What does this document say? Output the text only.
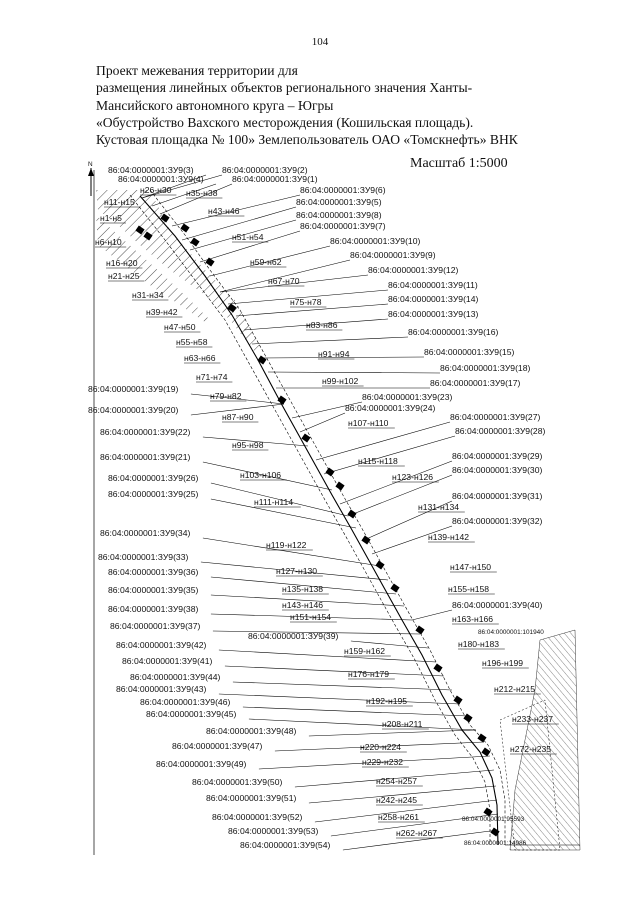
104
Проект межевания территории для
размещения линейных объектов регионального значения Ханты-
Мансийского автономного круга – Югры
«Обустройство Вахского месторождения (Кошильская площадь).
Кустовая площадка № 100» Землепользователь ОАО «Томскнефть» ВНК
Масштаб 1:5000
N
86:04:0000001:ЗУ9(3)	86:04:0000001:ЗУ9(2)
86:04:0000001:ЗУ9(4)	86:04:0000001:ЗУ9(1)
86:04:0000001:ЗУ9(6)
86:04:0000001:ЗУ9(5)
86:04:0000001:ЗУ9(8)
86:04:0000001:ЗУ9(7)
86:04:0000001:ЗУ9(10)
86:04:0000001:ЗУ9(9)
86:04:0000001:ЗУ9(12)
86:04:0000001:ЗУ9(11)
86:04:0000001:ЗУ9(14)
86:04:0000001:ЗУ9(13)
86:04:0000001:ЗУ9(16)
86:04:0000001:ЗУ9(15)
86:04:0000001:ЗУ9(18)
86:04:0000001:ЗУ9(17)
86:04:0000001:ЗУ9(19)
86:04:0000001:ЗУ9(20)
86:04:0000001:ЗУ9(23)
86:04:0000001:ЗУ9(24)
86:04:0000001:ЗУ9(22)
86:04:0000001:ЗУ9(27)
86:04:0000001:ЗУ9(28)
86:04:0000001:ЗУ9(21)	86:04:0000001:ЗУ9(29)
86:04:0000001:ЗУ9(26)
86:04:0000001:ЗУ9(30)
86:04:0000001:ЗУ9(25)	86:04:0000001:ЗУ9(31)
86:04:0000001:ЗУ9(32)
86:04:0000001:ЗУ9(34)
86:04:0000001:ЗУ9(33)
86:04:0000001:ЗУ9(36)
86:04:0000001:ЗУ9(35)
86:04:0000001:ЗУ9(40)
86:04:0000001:ЗУ9(38)
86:04:0000001:ЗУ9(37)
86:04:0000001:ЗУ9(39)
86:04:0000001:ЗУ9(42)
86:04:0000001:ЗУ9(41)
86:04:0000001:ЗУ9(44)
86:04:0000001:ЗУ9(43)
86:04:0000001:ЗУ9(46)
86:04:0000001:ЗУ9(45)
86:04:0000001:ЗУ9(48)
86:04:0000001:ЗУ9(47)
86:04:0000001:ЗУ9(49)
86:04:0000001:ЗУ9(50)
86:04:0000001:ЗУ9(51)
86:04:0000001:ЗУ9(52)
86:04:0000001:ЗУ9(53)
86:04:0000001:ЗУ9(54)
н26-н30
н11-н15
н35-н38
н1-н5
н43-н46
н6-н10	н51-н54
н16-н20
н21-н25
н59-н62
н67-н70
н31-н34
н75-н78
н39-н42
н47-н50	н83-н86
н55-н58
н63-н66	н91-н94
н71-н74	н99-н102
н79-н82
н87-н90
н107-н110
н95-н98
н115-н118
н103-н106	н123-н126
н111-н114	н131-н134
н119-н122
н139-н142
н147-н150
н127-н130
н155-н158
н135-н138
н143-н146
н163-н166
н151-н154
н180-н183
н159-н162
н196-н199
н176-н179
н212-н215
н192-н195
н208-н211	н233-н237
н220-н224	н272-н235
н229-н232
н254-н257
н242-н245
н258-н261
н262-н267
86:04:0000001:101940
86:04:0000001:95593
86:04:0000001:14986
